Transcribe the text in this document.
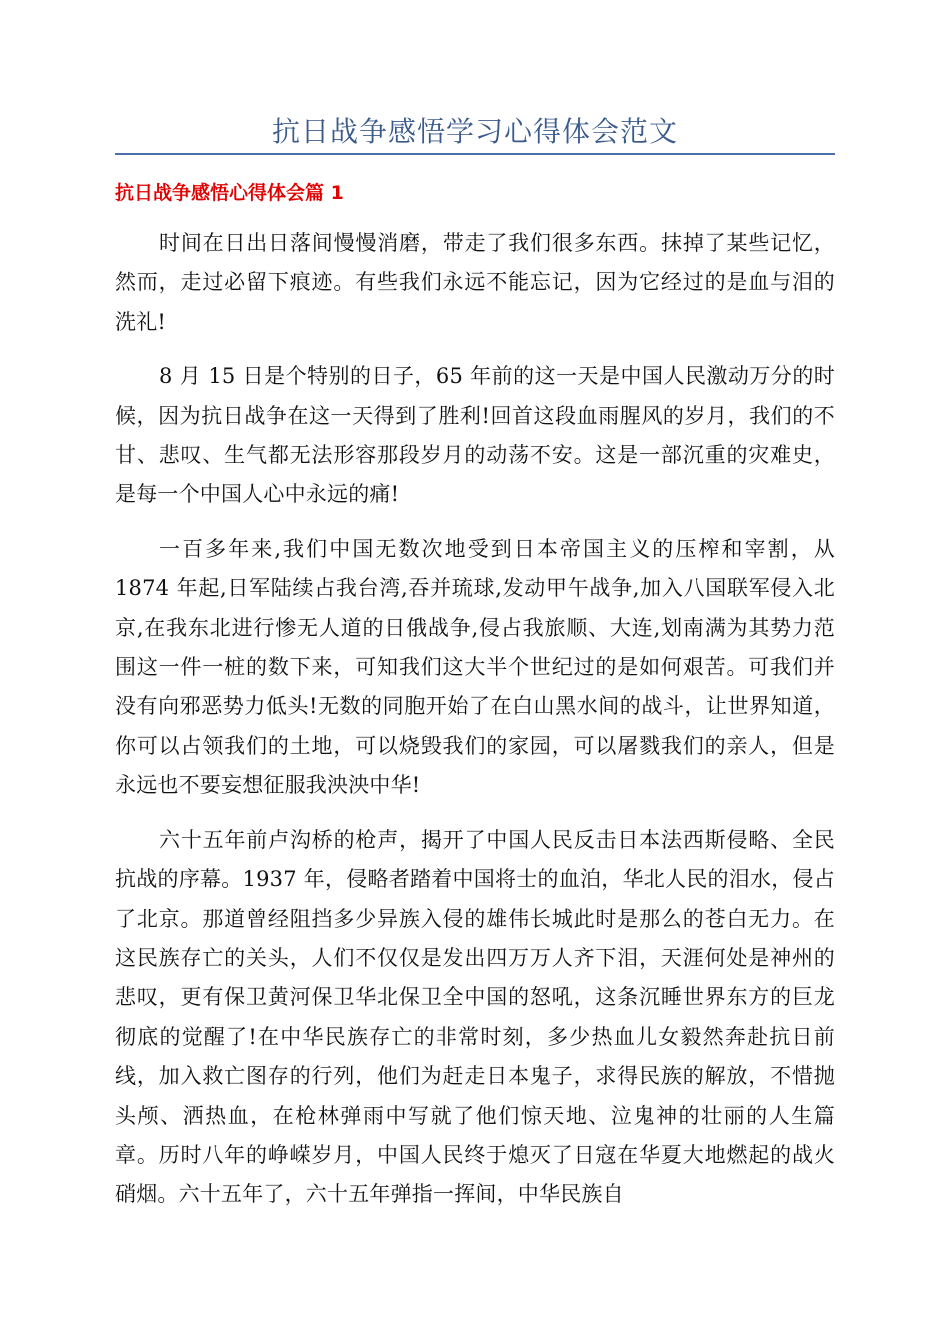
抗日战争感悟学习心得体会范文
抗日战争感悟心得体会篇 1

时间在日出日落间慢慢消磨，带走了我们很多东西。抹掉了某些记忆，然而，走过必留下痕迹。有些我们永远不能忘记，因为它经过的是血与泪的洗礼!

8 月 15 日是个特别的日子，65 年前的这一天是中国人民激动万分的时候，因为抗日战争在这一天得到了胜利!回首这段血雨腥风的岁月，我们的不甘、悲叹、生气都无法形容那段岁月的动荡不安。这是一部沉重的灾难史，是每一个中国人心中永远的痛!

一百多年来,我们中国无数次地受到日本帝国主义的压榨和宰割，从 1874 年起,日军陆续占我台湾,吞并琉球,发动甲午战争,加入八国联军侵入北京,在我东北进行惨无人道的日俄战争,侵占我旅顺、大连,划南满为其势力范围这一件一桩的数下来，可知我们这大半个世纪过的是如何艰苦。可我们并没有向邪恶势力低头!无数的同胞开始了在白山黑水间的战斗，让世界知道，你可以占领我们的土地，可以烧毁我们的家园，可以屠戮我们的亲人，但是永远也不要妄想征服我泱泱中华!

六十五年前卢沟桥的枪声，揭开了中国人民反击日本法西斯侵略、全民抗战的序幕。1937 年，侵略者踏着中国将士的血泊，华北人民的泪水，侵占了北京。那道曾经阻挡多少异族入侵的雄伟长城此时是那么的苍白无力。在这民族存亡的关头，人们不仅仅是发出四万万人齐下泪，天涯何处是神州的悲叹，更有保卫黄河保卫华北保卫全中国的怒吼，这条沉睡世界东方的巨龙彻底的觉醒了!在中华民族存亡的非常时刻，多少热血儿女毅然奔赴抗日前线，加入救亡图存的行列，他们为赶走日本鬼子，求得民族的解放，不惜抛头颅、洒热血，在枪林弹雨中写就了他们惊天地、泣鬼神的壮丽的人生篇章。历时八年的峥嵘岁月，中国人民终于熄灭了日寇在华夏大地燃起的战火硝烟。六十五年了，六十五年弹指一挥间，中华民族自
